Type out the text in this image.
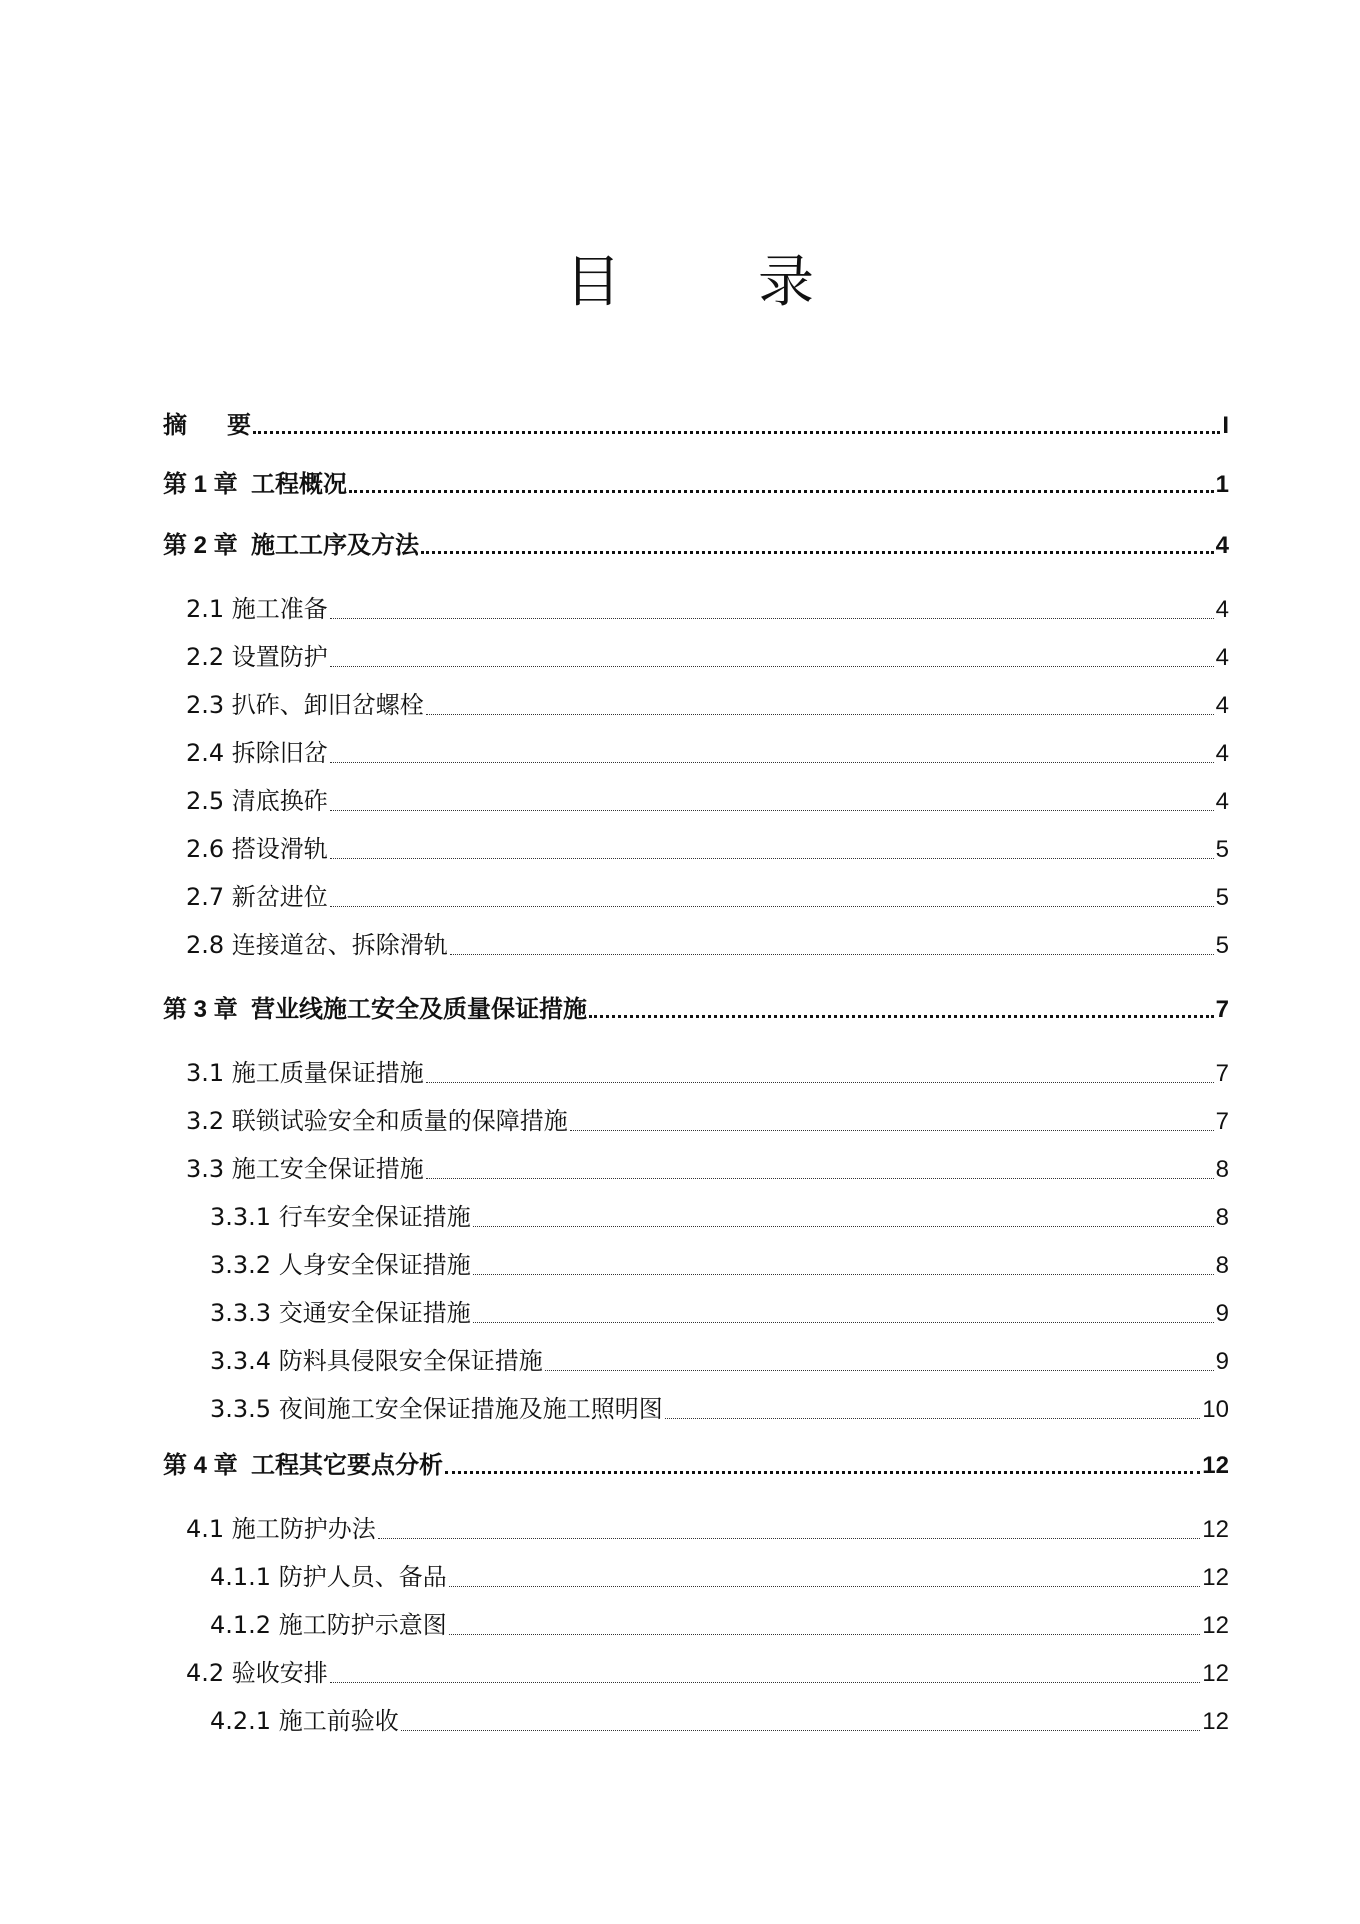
目 录
摘      要	I
第 1 章  工程概况	1
第 2 章  施工工序及方法	4
2.1 施工准备	4
2.2 设置防护	4
2.3 扒砟、卸旧岔螺栓	4
2.4 拆除旧岔	4
2.5 清底换砟	4
2.6 搭设滑轨	5
2.7 新岔进位	5
2.8 连接道岔、拆除滑轨	5
第 3 章  营业线施工安全及质量保证措施	7
3.1 施工质量保证措施	7
3.2 联锁试验安全和质量的保障措施	7
3.3 施工安全保证措施	8
3.3.1 行车安全保证措施	8
3.3.2 人身安全保证措施	8
3.3.3 交通安全保证措施	9
3.3.4 防料具侵限安全保证措施	9
3.3.5 夜间施工安全保证措施及施工照明图	10
第 4 章  工程其它要点分析	12
4.1 施工防护办法	12
4.1.1 防护人员、备品	12
4.1.2 施工防护示意图	12
4.2 验收安排	12
4.2.1 施工前验收	12
